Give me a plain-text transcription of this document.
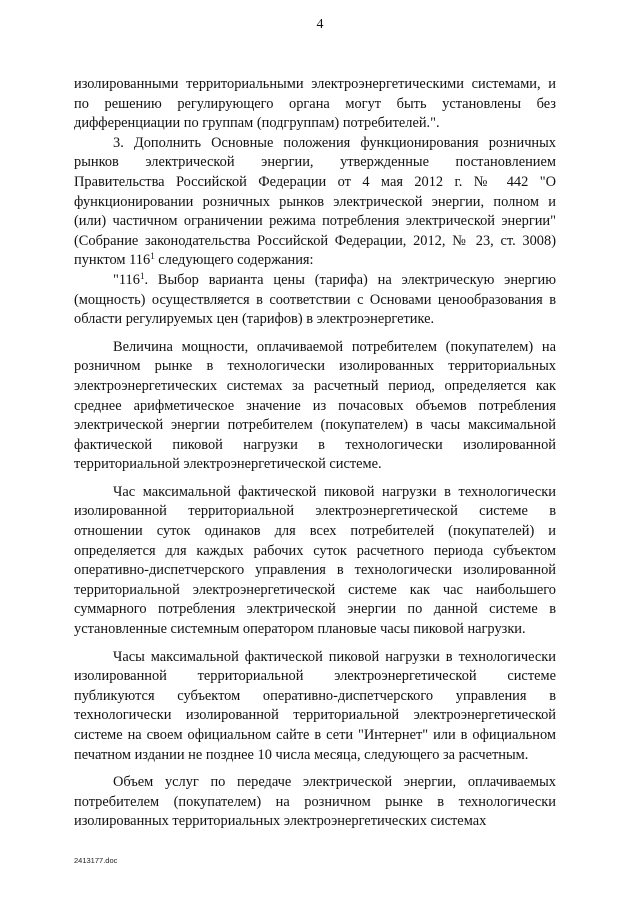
4

изолированными территориальными электроэнергетическими системами, и по решению регулирующего органа могут быть установлены без дифференциации по группам (подгруппам) потребителей.".

3. Дополнить Основные положения функционирования розничных рынков электрической энергии, утвержденные постановлением Правительства Российской Федерации от 4 мая 2012 г. № 442 "О функционировании розничных рынков электрической энергии, полном и (или) частичном ограничении режима потребления электрической энергии" (Собрание законодательства Российской Федерации, 2012, № 23, ст. 3008) пунктом $116^1$ следующего содержания:

"$116^1$. Выбор варианта цены (тарифа) на электрическую энергию (мощность) осуществляется в соответствии с Основами ценообразования в области регулируемых цен (тарифов) в электроэнергетике.

Величина мощности, оплачиваемой потребителем (покупателем) на розничном рынке в технологически изолированных территориальных электроэнергетических системах за расчетный период, определяется как среднее арифметическое значение из почасовых объемов потребления электрической энергии потребителем (покупателем) в часы максимальной фактической пиковой нагрузки в технологически изолированной территориальной электроэнергетической системе.

Час максимальной фактической пиковой нагрузки в технологически изолированной территориальной электроэнергетической системе в отношении суток одинаков для всех потребителей (покупателей) и определяется для каждых рабочих суток расчетного периода субъектом оперативно-диспетчерского управления в технологически изолированной территориальной электроэнергетической системе как час наибольшего суммарного потребления электрической энергии по данной системе в установленные системным оператором плановые часы пиковой нагрузки.

Часы максимальной фактической пиковой нагрузки в технологически изолированной территориальной электроэнергетической системе публикуются субъектом оперативно-диспетчерского управления в технологически изолированной территориальной электроэнергетической системе на своем официальном сайте в сети "Интернет" или в официальном печатном издании не позднее 10 числа месяца, следующего за расчетным.

Объем услуг по передаче электрической энергии, оплачиваемых потребителем (покупателем) на розничном рынке в технологически изолированных территориальных электроэнергетических системах

2413177.doc
